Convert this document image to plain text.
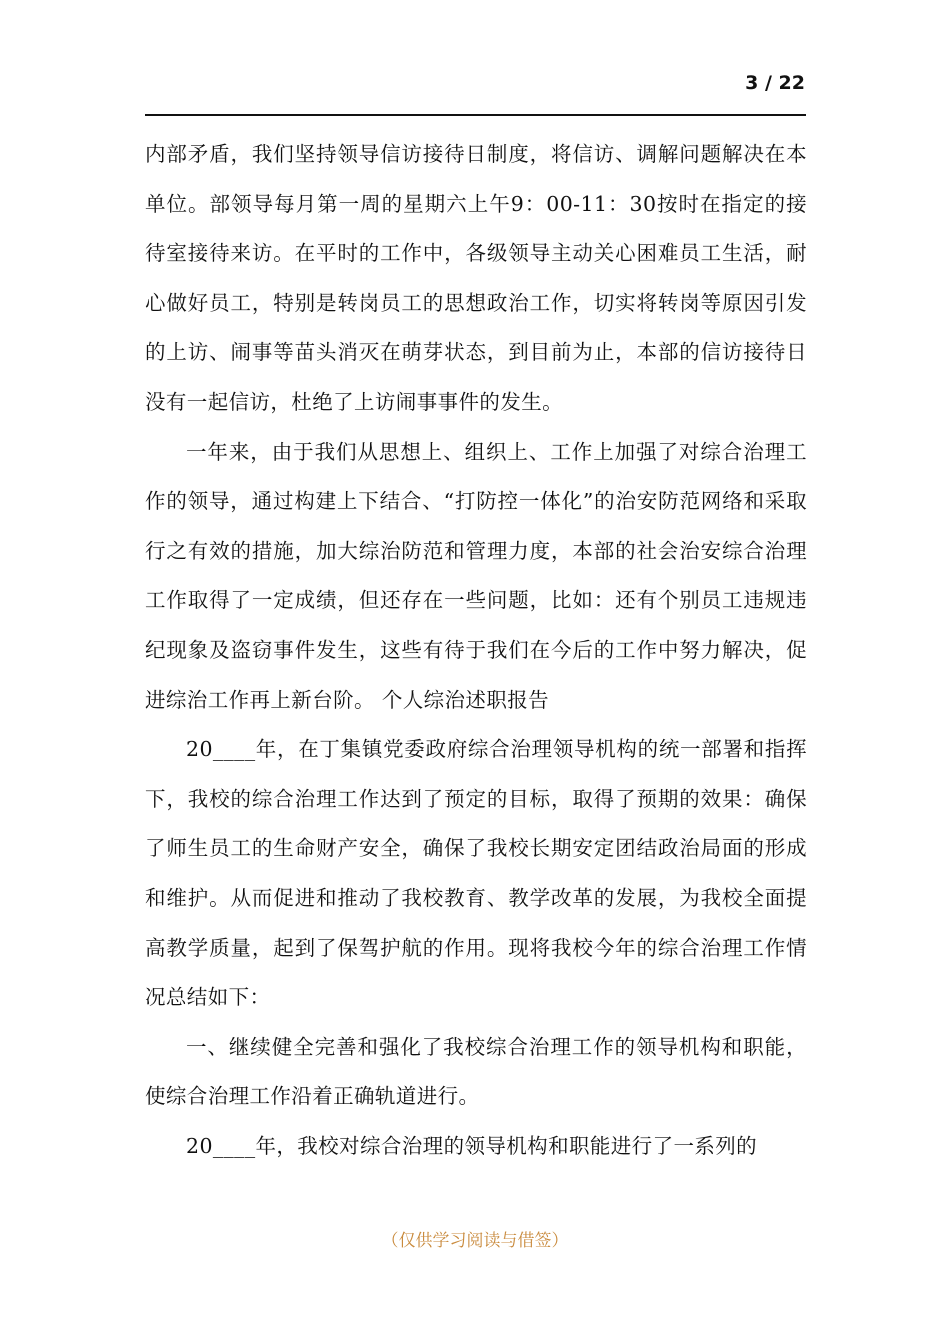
3 / 22

内部矛盾，我们坚持领导信访接待日制度，将信访、调解问题解决在本单位。部领导每月第一周的星期六上午9：00-11：30按时在指定的接待室接待来访。在平时的工作中，各级领导主动关心困难员工生活，耐心做好员工，特别是转岗员工的思想政治工作，切实将转岗等原因引发的上访、闹事等苗头消灭在萌芽状态，到目前为止，本部的信访接待日没有一起信访，杜绝了上访闹事事件的发生。

一年来，由于我们从思想上、组织上、工作上加强了对综合治理工作的领导，通过构建上下结合、“打防控一体化”的治安防范网络和采取行之有效的措施，加大综治防范和管理力度，本部的社会治安综合治理工作取得了一定成绩，但还存在一些问题，比如：还有个别员工违规违纪现象及盗窃事件发生，这些有待于我们在今后的工作中努力解决，促进综治工作再上新台阶。 个人综治述职报告

20____年，在丁集镇党委政府综合治理领导机构的统一部署和指挥下，我校的综合治理工作达到了预定的目标，取得了预期的效果：确保了师生员工的生命财产安全，确保了我校长期安定团结政治局面的形成和维护。从而促进和推动了我校教育、教学改革的发展，为我校全面提高教学质量，起到了保驾护航的作用。现将我校今年的综合治理工作情况总结如下：

一、继续健全完善和强化了我校综合治理工作的领导机构和职能，使综合治理工作沿着正确轨道进行。

20____年，我校对综合治理的领导机构和职能进行了一系列的

（仅供学习阅读与借签）
